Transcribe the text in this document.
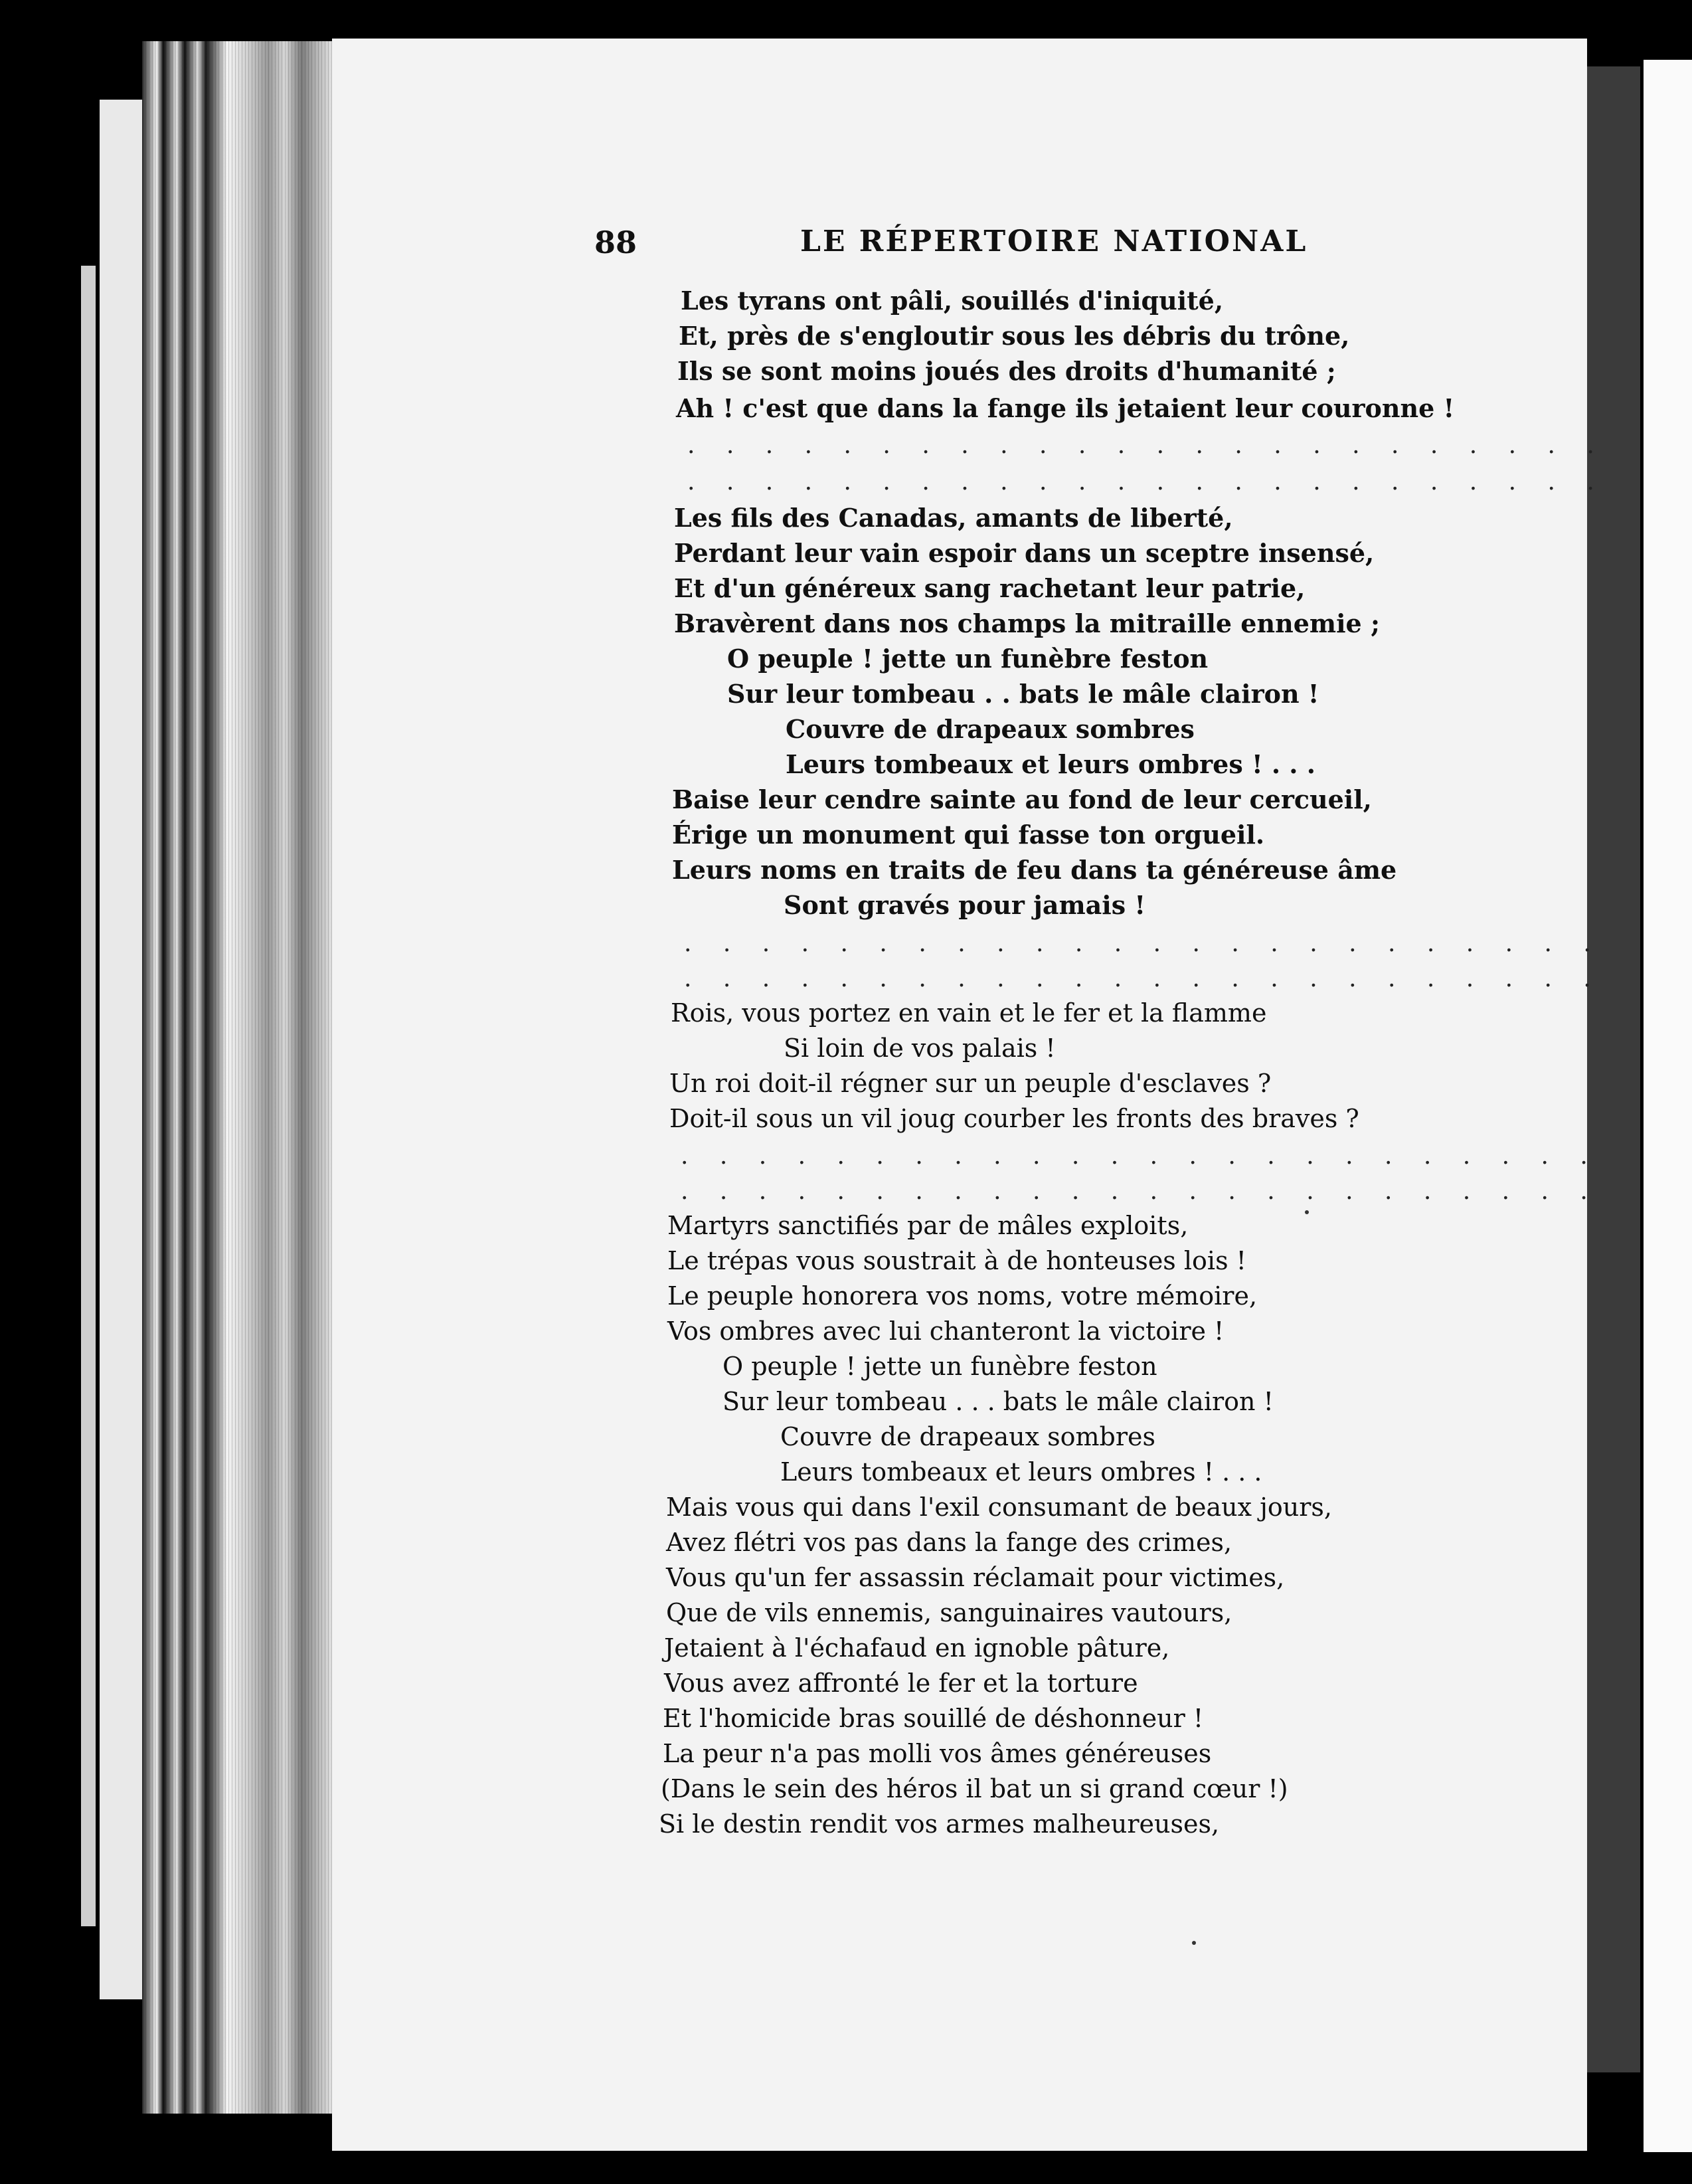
88	LE RÉPERTOIRE NATIONAL
Les tyrans ont pâli, souillés d'iniquité,
Et, près de s'engloutir sous les débris du trône,
Ils se sont moins joués des droits d'humanité ;
Ah ! c'est que dans la fange ils jetaient leur couronne !
. . . . . . . . . . . . . . . . . . . . . . . .
. . . . . . . . . . . . . . . . . . . . . . . .
Les fils des Canadas, amants de liberté,
Perdant leur vain espoir dans un sceptre insensé,
Et d'un généreux sang rachetant leur patrie,
Bravèrent dans nos champs la mitraille ennemie ;
O peuple ! jette un funèbre feston
Sur leur tombeau . . bats le mâle clairon !
Couvre de drapeaux sombres
Leurs tombeaux et leurs ombres ! . . .
Baise leur cendre sainte au fond de leur cercueil,
Érige un monument qui fasse ton orgueil.
Leurs noms en traits de feu dans ta généreuse âme
Sont gravés pour jamais !
. . . . . . . . . . . . . . . . . . . . . . . .
. . . . . . . . . . . . . . . . . . . . . . . .
Rois, vous portez en vain et le fer et la flamme
Si loin de vos palais !
Un roi doit-il régner sur un peuple d'esclaves ?
Doit-il sous un vil joug courber les fronts des braves ?
. . . . . . . . . . . . . . . . . . . . . . . .
. . . . . . . . . . . . . . . . . . . . . . . .
Martyrs sanctifiés par de mâles exploits,
Le trépas vous soustrait à de honteuses lois !
Le peuple honorera vos noms, votre mémoire,
Vos ombres avec lui chanteront la victoire !
O peuple ! jette un funèbre feston
Sur leur tombeau . . . bats le mâle clairon !
Couvre de drapeaux sombres
Leurs tombeaux et leurs ombres ! . . .
Mais vous qui dans l'exil consumant de beaux jours,
Avez flétri vos pas dans la fange des crimes,
Vous qu'un fer assassin réclamait pour victimes,
Que de vils ennemis, sanguinaires vautours,
Jetaient à l'échafaud en ignoble pâture,
Vous avez affronté le fer et la torture
Et l'homicide bras souillé de déshonneur !
La peur n'a pas molli vos âmes généreuses
(Dans le sein des héros il bat un si grand cœur !)
Si le destin rendit vos armes malheureuses,
